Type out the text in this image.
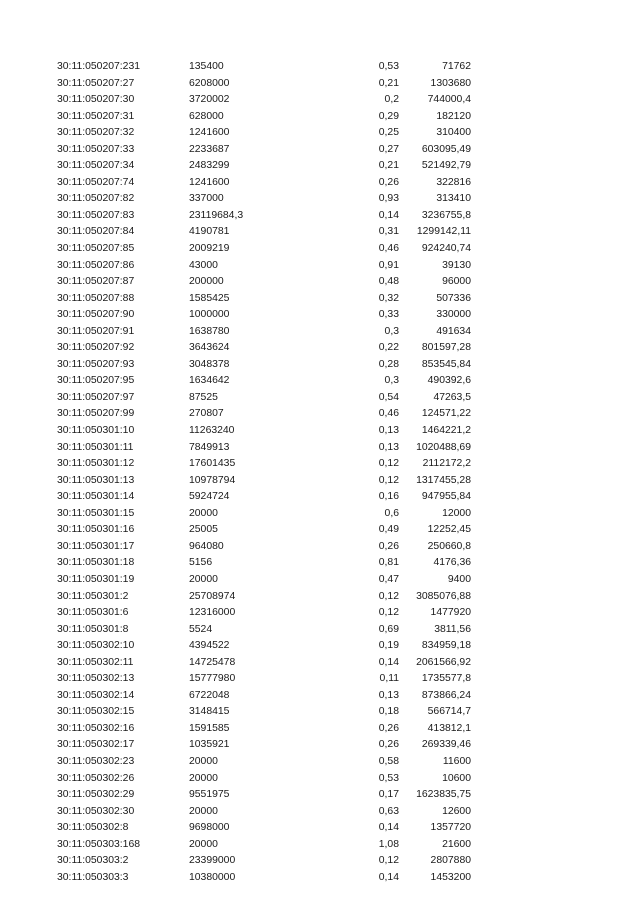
30:11:050207:231	135400	0,53	71762
30:11:050207:27	6208000	0,21	1303680
30:11:050207:30	3720002	0,2	744000,4
30:11:050207:31	628000	0,29	182120
30:11:050207:32	1241600	0,25	310400
30:11:050207:33	2233687	0,27 603095,49
30:11:050207:34	2483299	0,21 521492,79
30:11:050207:74	1241600	0,26	322816
30:11:050207:82	337000	0,93	313410
30:11:050207:83	23119684,3	0,14 3236755,8
30:11:050207:84	4190781	0,31 1299142,11
30:11:050207:85	2009219	0,46 924240,74
30:11:050207:86	43000	0,91	39130
30:11:050207:87	200000	0,48	96000
30:11:050207:88	1585425	0,32	507336
30:11:050207:90	1000000	0,33	330000
30:11:050207:91	1638780	0,3	491634
30:11:050207:92	3643624	0,22 801597,28
30:11:050207:93	3048378	0,28 853545,84
30:11:050207:95	1634642	0,3	490392,6
30:11:050207:97	87525	0,54	47263,5
30:11:050207:99	270807	0,46 124571,22
30:11:050301:10	11263240	0,13 1464221,2
30:11:050301:11	7849913	0,13 1020488,69
30:11:050301:12	17601435	0,12 2112172,2
30:11:050301:13	10978794	0,12 1317455,28
30:11:050301:14	5924724	0,16 947955,84
30:11:050301:15	20000	0,6	12000
30:11:050301:16	25005	0,49	12252,45
30:11:050301:17	964080	0,26	250660,8
30:11:050301:18	5156	0,81	4176,36
30:11:050301:19	20000	0,47	9400
30:11:050301:2	25708974	0,12 3085076,88
30:11:050301:6	12316000	0,12	1477920
30:11:050301:8	5524	0,69	3811,56
30:11:050302:10	4394522	0,19 834959,18
30:11:050302:11	14725478	0,14 2061566,92
30:11:050302:13	15777980	0,11 1735577,8
30:11:050302:14	6722048	0,13 873866,24
30:11:050302:15	3148415	0,18	566714,7
30:11:050302:16	1591585	0,26	413812,1
30:11:050302:17	1035921	0,26 269339,46
30:11:050302:23	20000	0,58	11600
30:11:050302:26	20000	0,53	10600
30:11:050302:29	9551975	0,17 1623835,75
30:11:050302:30	20000	0,63	12600
30:11:050302:8	9698000	0,14	1357720
30:11:050303:168	20000	1,08	21600
30:11:050303:2	23399000	0,12	2807880
30:11:050303:3	10380000	0,14	1453200
